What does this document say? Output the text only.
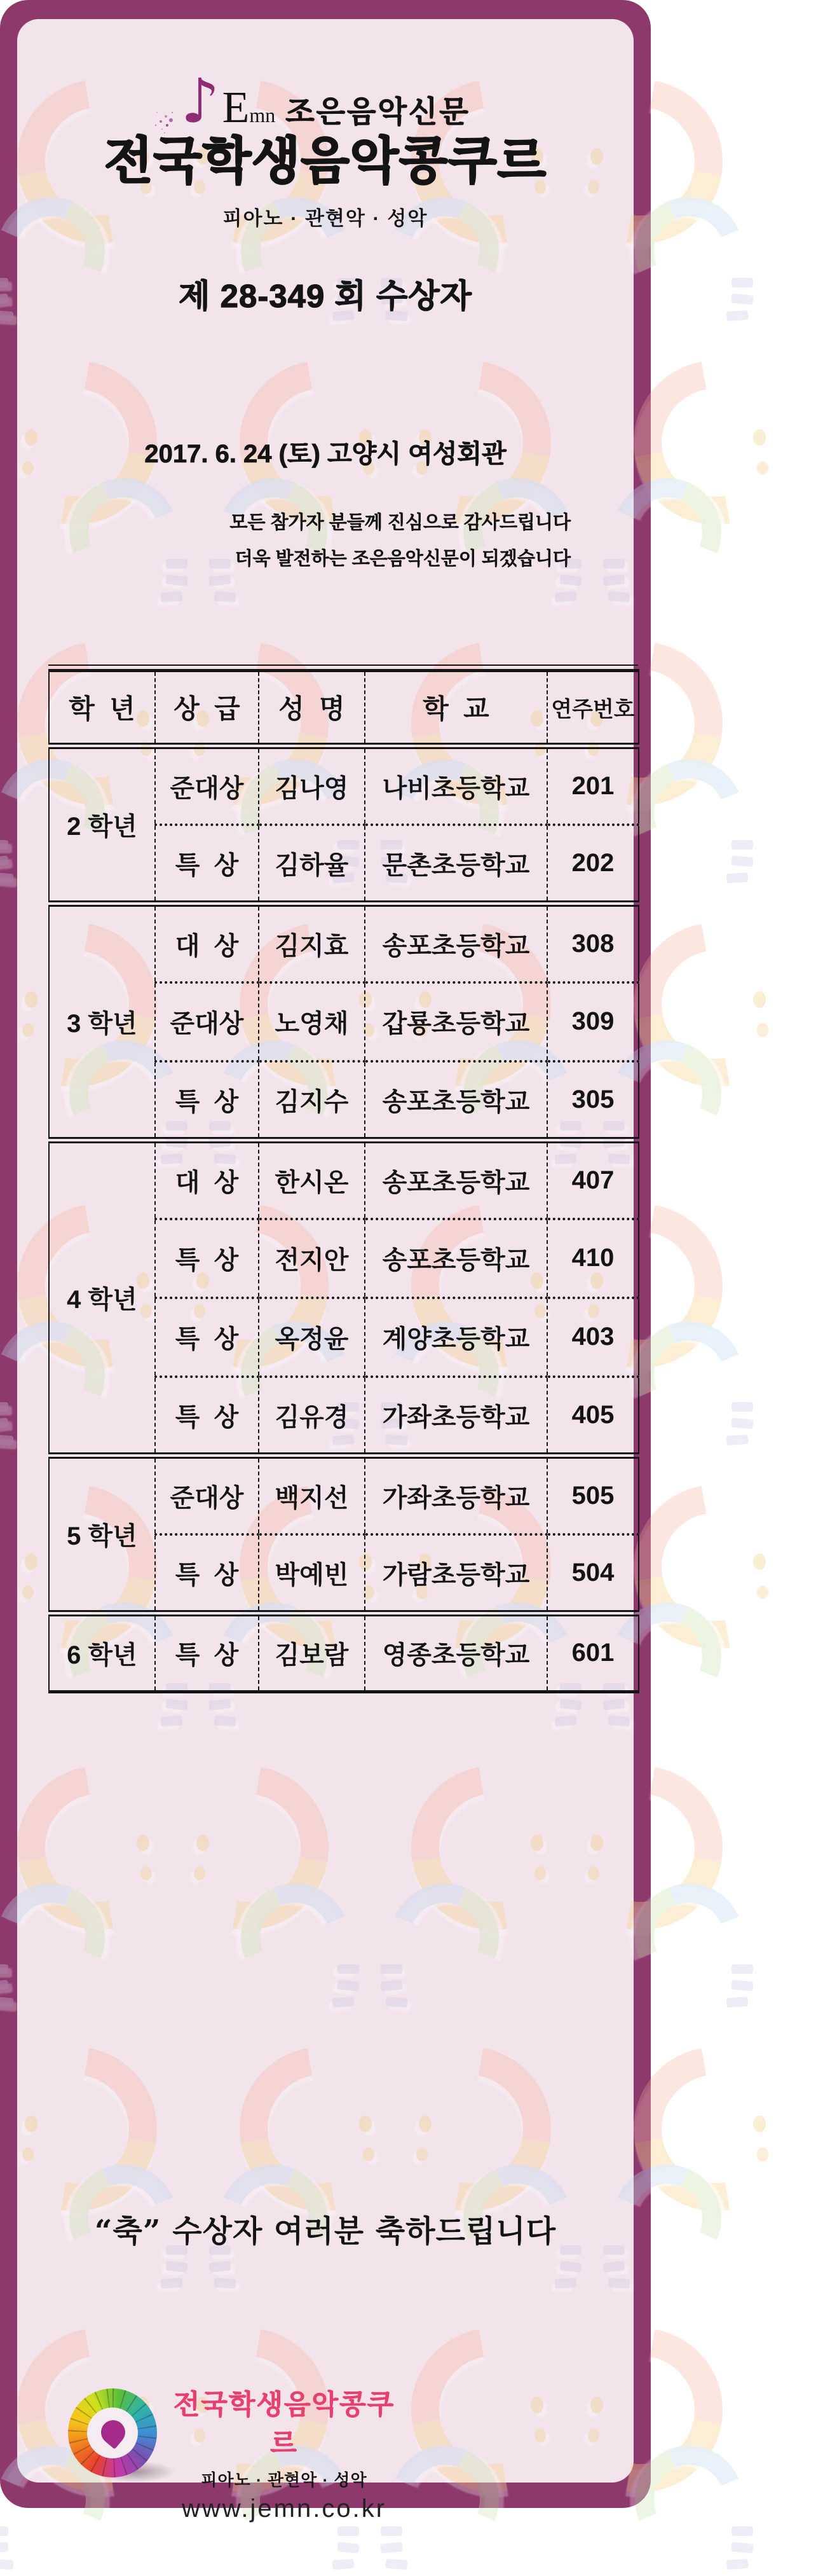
♪ E mn 조은음악신문
전국학생음악콩쿠르
피아노 · 관현악 · 성악
제 28-349 회 수상자
2017. 6. 24 (토) 고양시 여성회관
모든 참가자 분들께 진심으로 감사드립니다
더욱 발전하는 조은음악신문이 되겠습니다
학  년	상  급	성  명	학  교	연주번호
2 학년	준대상	김나영	나비초등학교	201
	특  상	김하율	문촌초등학교	202
3 학년	대  상	김지효	송포초등학교	308
	준대상	노영채	갑룡초등학교	309
	특  상	김지수	송포초등학교	305
4 학년	대  상	한시온	송포초등학교	407
	특  상	전지안	송포초등학교	410
	특  상	옥정윤	계양초등학교	403
	특  상	김유경	가좌초등학교	405
5 학년	준대상	백지선	가좌초등학교	505
	특  상	박예빈	가람초등학교	504
6 학년	특  상	김보람	영종초등학교	601
“축” 수상자 여러분 축하드립니다
전국학생음악콩쿠르
피아노 · 관현악 · 성악
www.jemn.co.kr
